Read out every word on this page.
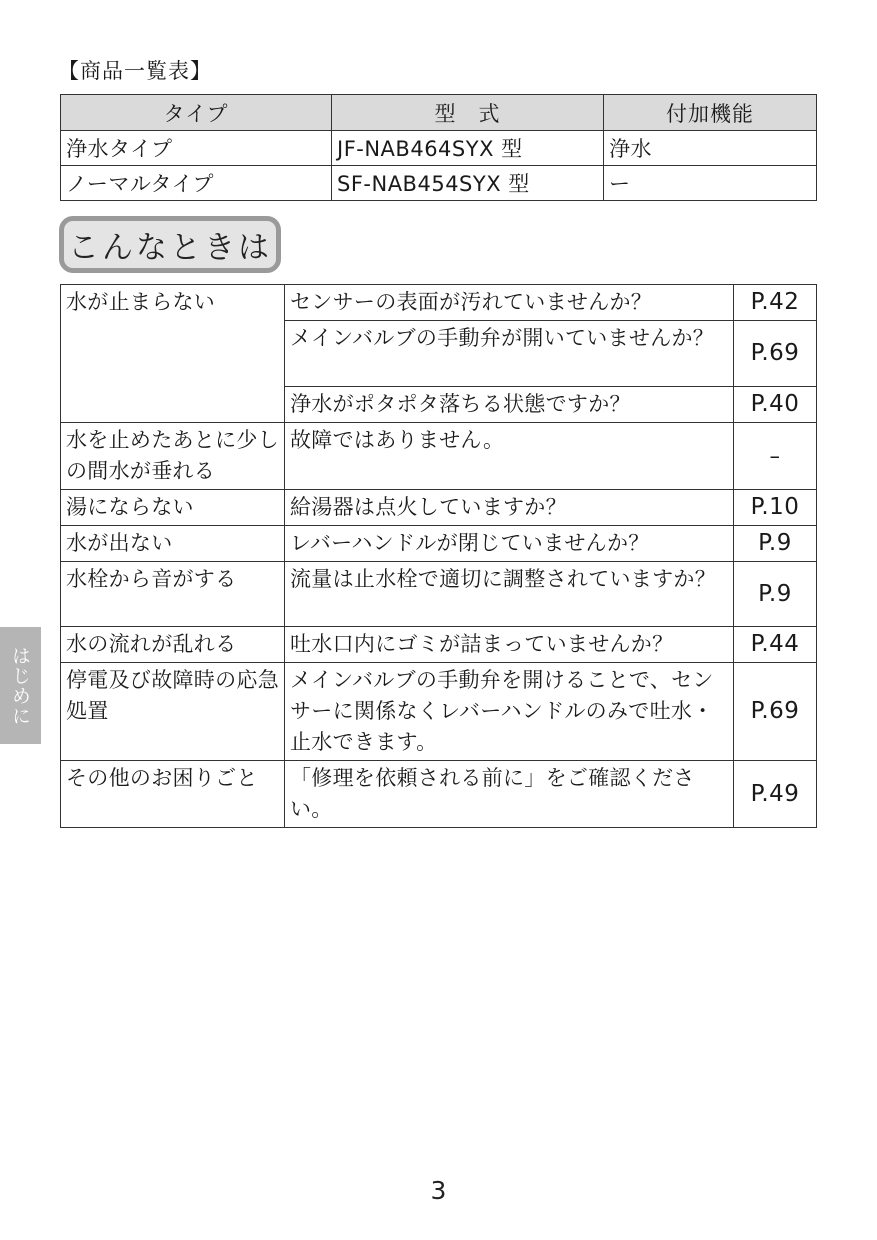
【商品一覧表】
タイプ	型　式	付加機能
浄水タイプ	JF-NAB464SYX 型	浄水
ノーマルタイプ	SF-NAB454SYX 型	ー
こんなときは
水が止まらない	センサーの表面が汚れていませんか？	P.42
	メインバルブの手動弁が開いていませんか？	P.69
	浄水がポタポタ落ちる状態ですか？	P.40
水を止めたあとに少しの間水が垂れる	故障ではありません。	–
湯にならない	給湯器は点火していますか？	P.10
水が出ない	レバーハンドルが閉じていませんか？	P.9
水栓から音がする	流量は止水栓で適切に調整されていますか？	P.9
水の流れが乱れる	吐水口内にゴミが詰まっていませんか？	P.44
停電及び故障時の応急処置	メインバルブの手動弁を開けることで、センサーに関係なくレバーハンドルのみで吐水・止水できます。	P.69
その他のお困りごと	「修理を依頼される前に」をご確認ください。	P.49
はじめに
3
